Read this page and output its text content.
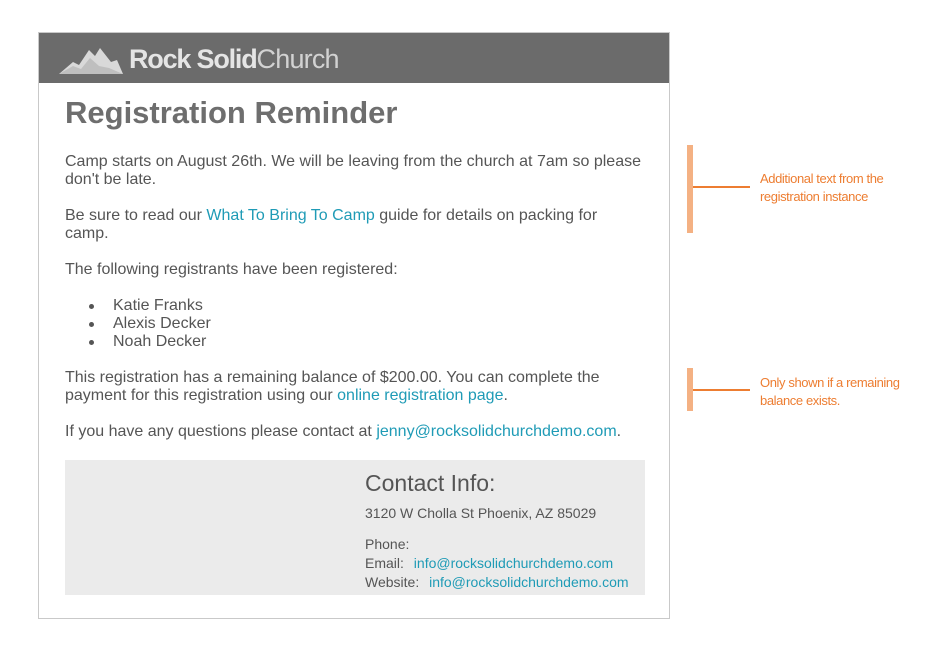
Rock Solid Church
Registration Reminder

Camp starts on August 26th. We will be leaving from the church at 7am so please don't be late.

Be sure to read our What To Bring To Camp guide for details on packing for camp.

The following registrants have been registered:

Katie Franks
Alexis Decker
Noah Decker

This registration has a remaining balance of $200.00. You can complete the payment for this registration using our online registration page.

If you have any questions please contact at jenny@rocksolidchurchdemo.com.

Contact Info:
3120 W Cholla St Phoenix, AZ 85029
Phone:
Email: info@rocksolidchurchdemo.com
Website: info@rocksolidchurchdemo.com
Additional text from the registration instance
Only shown if a remaining balance exists.
